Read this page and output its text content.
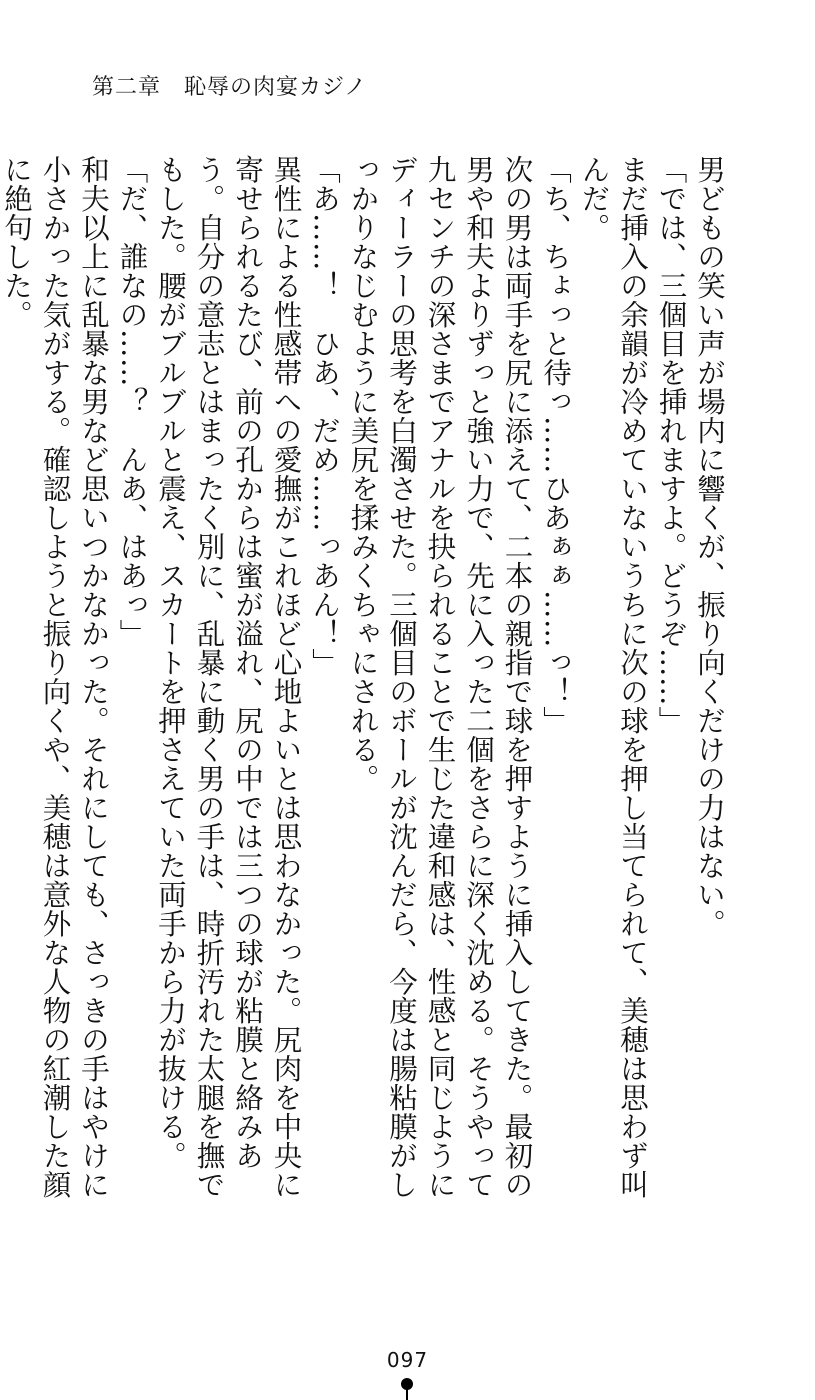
第二章　恥辱の肉宴カジノ

男どもの笑い声が場内に響くが、振り向くだけの力はない。

「では、三個目を挿れますよ。どうぞ……」

まだ挿入の余韻が冷めていないうちに次の球を押し当てられて、美穂は思わず叫んだ。

「ち、ちょっと待っ……ひあぁぁ……っ！」

次の男は両手を尻に添えて、二本の親指で球を押すように挿入してきた。最初の男や和夫よりずっと強い力で、先に入った二個をさらに深く沈める。そうやって九センチの深さまでアナルを抉られることで生じた違和感は、性感と同じようにディーラーの思考を白濁させた。三個目のボールが沈んだら、今度は腸粘膜がしっかりなじむように美尻を揉みくちゃにされる。

「あ……！　ひあ、だめ……っあん！」

異性による性感帯への愛撫がこれほど心地よいとは思わなかった。尻肉を中央に寄せられるたび、前の孔からは蜜が溢れ、尻の中では三つの球が粘膜と絡みあう。自分の意志とはまったく別に、乱暴に動く男の手は、時折汚れた太腿を撫でもした。腰がブルブルと震え、スカートを押さえていた両手から力が抜ける。

「だ、誰なの……？　んあ、はあっ」

和夫以上に乱暴な男など思いつかなかった。それにしても、さっきの手はやけに小さかった気がする。確認しようと振り向くや、美穂は意外な人物の紅潮した顔に絶句した。

097
